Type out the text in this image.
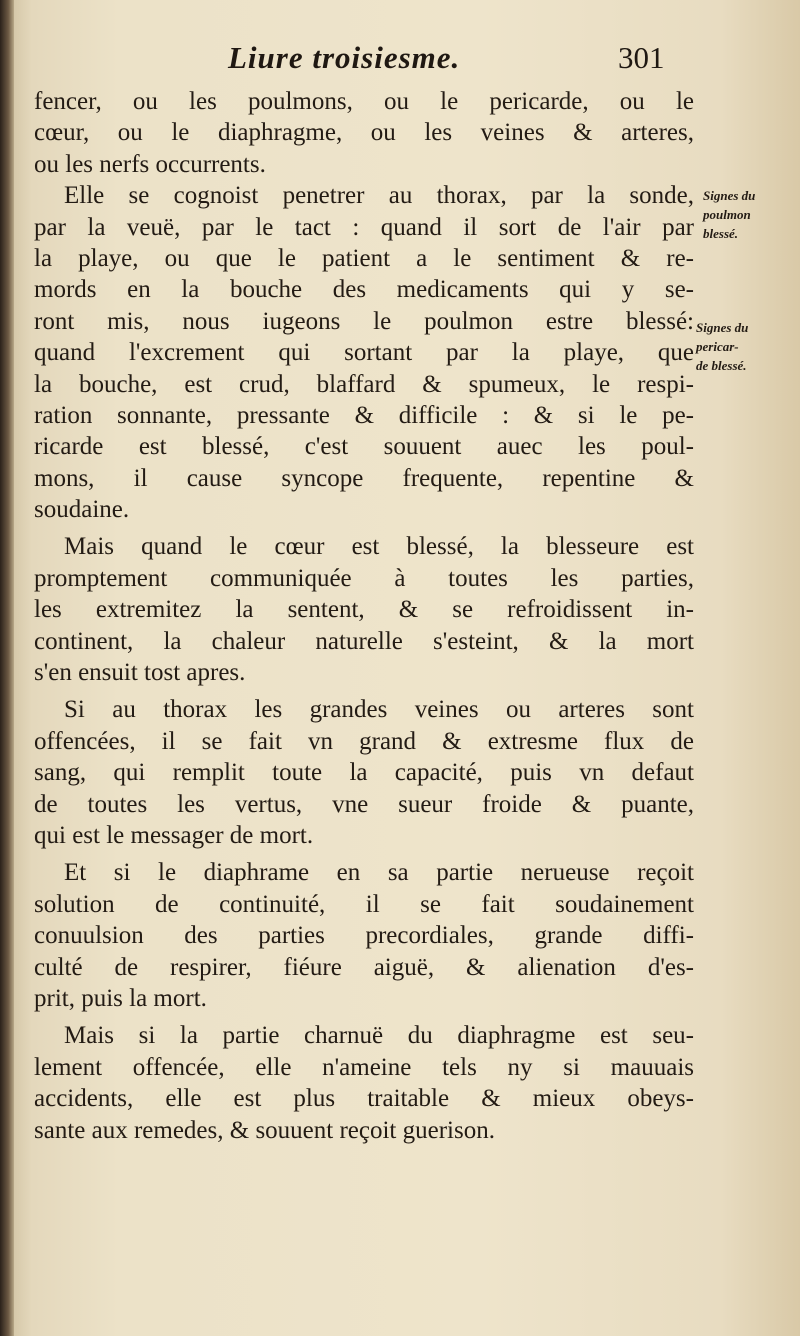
Liure troisiesme.	301
fencer, ou les poulmons, ou le pericarde, ou le
cœur, ou le diaphragme, ou les veines & arteres,
ou les nerfs occurrents.
Elle se cognoist penetrer au thorax, par la sonde,
par la veuë, par le tact : quand il sort de l'air par
la playe, ou que le patient a le sentiment & re-
mords en la bouche des medicaments qui y se-
ront mis, nous iugeons le poulmon estre blessé:
quand l'excrement qui sortant par la playe, que
la bouche, est crud, blaffard & spumeux, le respi-
ration sonnante, pressante & difficile : & si le pe-
ricarde est blessé, c'est souuent auec les poul-
mons, il cause syncope frequente, repentine &
soudaine.
Mais quand le cœur est blessé, la blesseure est
promptement communiquée à toutes les parties,
les extremitez la sentent, & se refroidissent in-
continent, la chaleur naturelle s'esteint, & la mort
s'en ensuit tost apres.
Si au thorax les grandes veines ou arteres sont
offencées, il se fait vn grand & extresme flux de
sang, qui remplit toute la capacité, puis vn defaut
de toutes les vertus, vne sueur froide & puante,
qui est le messager de mort.
Et si le diaphrame en sa partie nerueuse reçoit
solution de continuité, il se fait soudainement
conuulsion des parties precordiales, grande diffi-
culté de respirer, fiéure aiguë, & alienation d'es-
prit, puis la mort.
Mais si la partie charnuë du diaphragme est seu-
lement offencée, elle n'ameine tels ny si mauuais
accidents, elle est plus traitable & mieux obeys-
sante aux remedes, & souuent reçoit guerison.
Signes du
poulmon
blessé.
Signes du
pericar-
de blessé.
